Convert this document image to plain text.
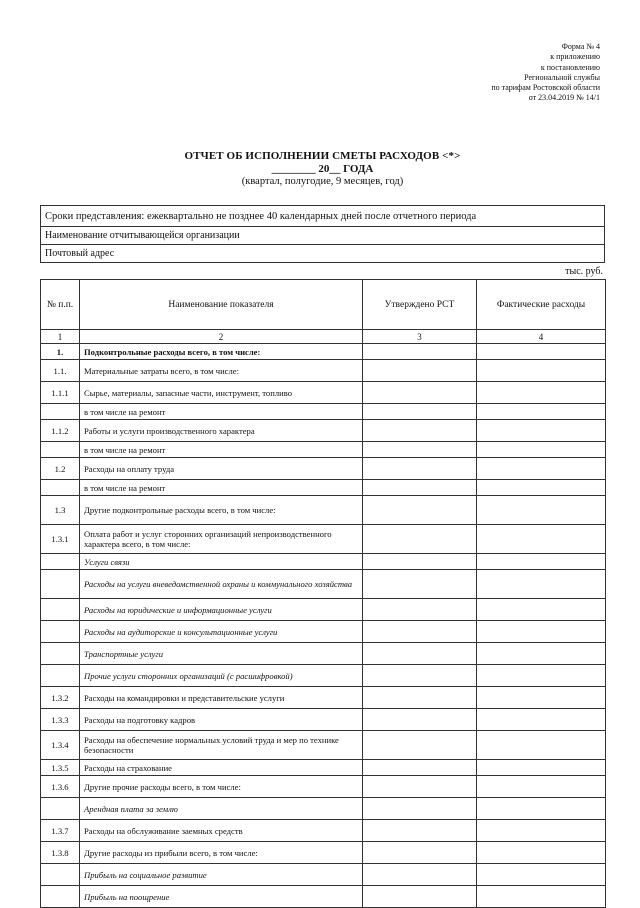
Форма № 4
к приложению
к постановлению
Региональной службы
по тарифам Ростовской области
от 23.04.2019 № 14/1
ОТЧЕТ ОБ ИСПОЛНЕНИИ СМЕТЫ РАСХОДОВ <*>
________ 20__ ГОДА
(квартал, полугодие, 9 месяцев, год)
Сроки представления: ежеквартально не позднее 40 календарных дней после отчетного периода
Наименование отчитывающейся организации
Почтовый адрес
тыс. руб.
№ п.п.	Наименование показателя	Утверждено РСТ	Фактические расходы
1	2	3	4
1.	Подконтрольные расходы всего, в том числе:		
1.1.	Материальные затраты всего, в том числе:		
1.1.1	Сырье, материалы, запасные части, инструмент, топливо		
	в том числе на ремонт		
1.1.2	Работы и услуги производственного характера		
	в том числе на ремонт		
1.2	Расходы на оплату труда		
	в том числе на ремонт		
1.3	Другие подконтрольные расходы всего, в том числе:		
1.3.1	Оплата работ и услуг сторонних организаций непроизводственного характера всего, в том числе:		
	Услуги связи		
	Расходы на услуги вневедомственной охраны и коммунального хозяйства		
	Расходы на юридические и информационные услуги		
	Расходы на аудиторские и консультационные услуги		
	Транспортные услуги		
	Прочие услуги сторонних организаций (с расшифровкой)		
1.3.2	Расходы на командировки и представительские услуги		
1.3.3	Расходы на подготовку кадров		
1.3.4	Расходы на обеспечение нормальных условий труда и мер по технике безопасности		
1.3.5	Расходы на страхование		
1.3.6	Другие прочие расходы всего, в том числе:		
	Арендная плата за землю		
1.3.7	Расходы на обслуживание заемных средств		
1.3.8	Другие расходы из прибыли всего, в том числе:		
	Прибыль на социальное развитие		
	Прибыль на поощрение		
